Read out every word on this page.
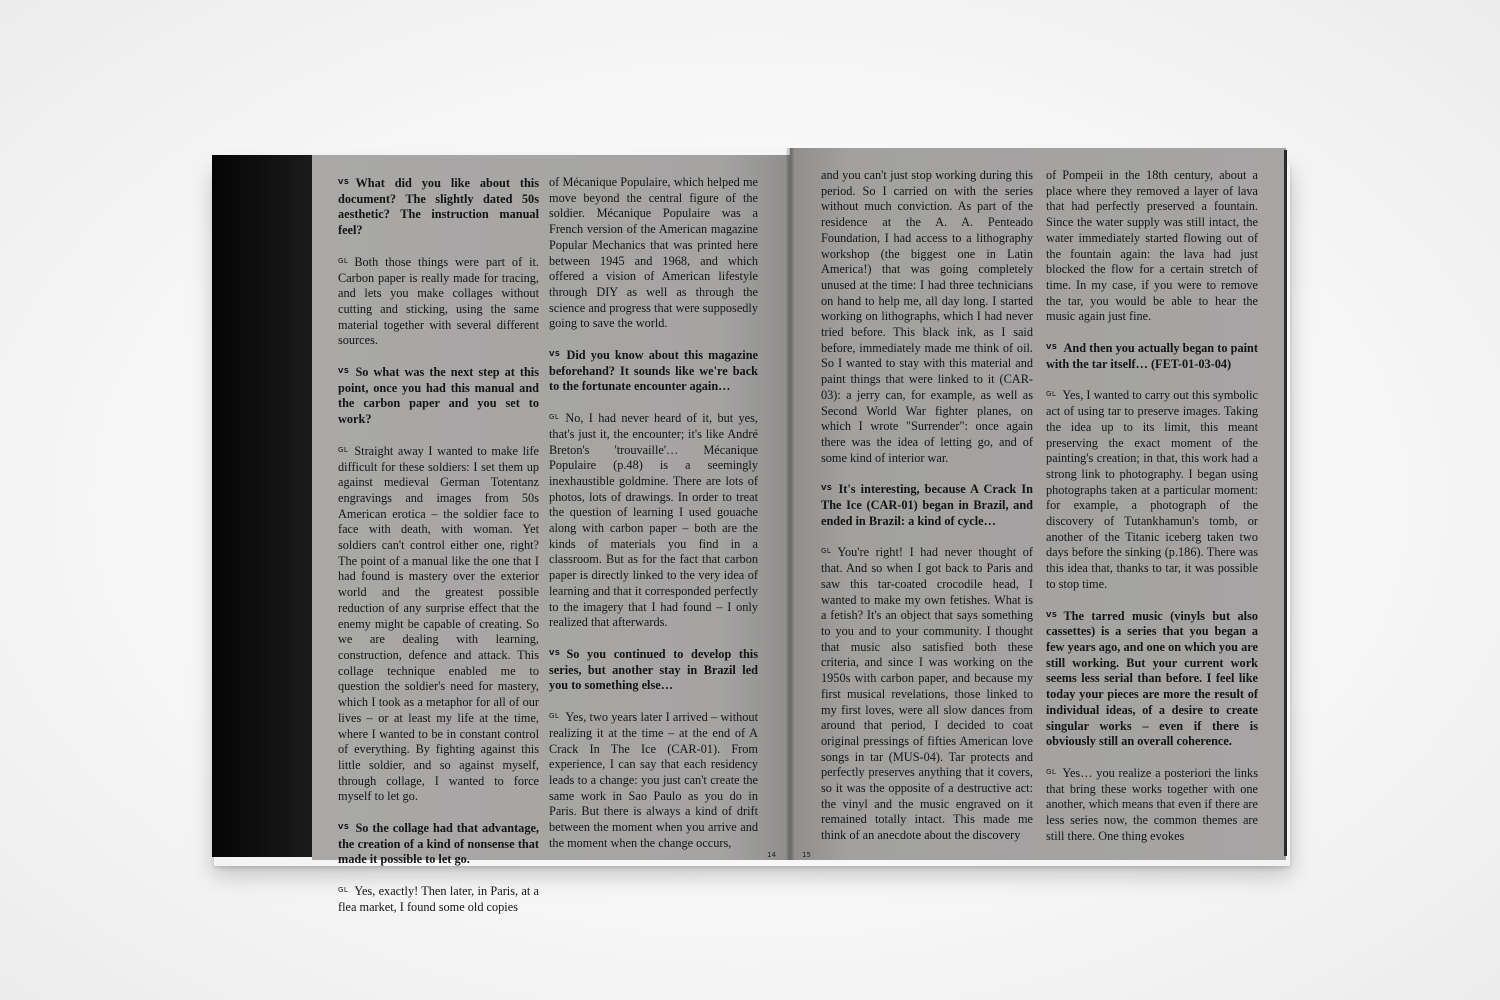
$^{VS}$ What did you like about this document? The slightly dated 50s aesthetic? The instruction manual feel?

$^{GL}$ Both those things were part of it. Carbon paper is really made for tracing, and lets you make collages without cutting and sticking, using the same material together with several different sources.

$^{VS}$ So what was the next step at this point, once you had this manual and the carbon paper and you set to work?

$^{GL}$ Straight away I wanted to make life difficult for these soldiers: I set them up against medieval German Totentanz engravings and images from 50s American erotica – the soldier face to face with death, with woman. Yet soldiers can't control either one, right? The point of a manual like the one that I had found is mastery over the exterior world and the greatest possible reduction of any surprise effect that the enemy might be capable of creating. So we are dealing with learning, construction, defence and attack. This collage technique enabled me to question the soldier's need for mastery, which I took as a metaphor for all of our lives – or at least my life at the time, where I wanted to be in constant control of everything. By fighting against this little soldier, and so against myself, through collage, I wanted to force myself to let go.

$^{VS}$ So the collage had that advantage, the creation of a kind of nonsense that made it possible to let go.

$^{GL}$ Yes, exactly! Then later, in Paris, at a flea market, I found some old copies

of Mécanique Populaire, which helped me move beyond the central figure of the soldier. Mécanique Populaire was a French version of the American magazine Popular Mechanics that was printed here between 1945 and 1968, and which offered a vision of American lifestyle through DIY as well as through the science and progress that were supposedly going to save the world.

$^{VS}$ Did you know about this magazine beforehand? It sounds like we're back to the fortunate encounter again…

$^{GL}$ No, I had never heard of it, but yes, that's just it, the encounter; it's like André Breton's 'trouvaille'… Mécanique Populaire (p.48) is a seemingly inexhaustible goldmine. There are lots of photos, lots of drawings. In order to treat the question of learning I used gouache along with carbon paper – both are the kinds of materials you find in a classroom. But as for the fact that carbon paper is directly linked to the very idea of learning and that it corresponded perfectly to the imagery that I had found – I only realized that afterwards.

$^{VS}$ So you continued to develop this series, but another stay in Brazil led you to something else…

$^{GL}$ Yes, two years later I arrived – without realizing it at the time – at the end of A Crack In The Ice (CAR-01). From experience, I can say that each residency leads to a change: you just can't create the same work in Sao Paulo as you do in Paris. But there is always a kind of drift between the moment when you arrive and the moment when the change occurs,

14

and you can't just stop working during this period. So I carried on with the series without much conviction. As part of the residence at the A. A. Penteado Foundation, I had access to a lithography workshop (the biggest one in Latin America!) that was going completely unused at the time: I had three technicians on hand to help me, all day long. I started working on lithographs, which I had never tried before. This black ink, as I said before, immediately made me think of oil. So I wanted to stay with this material and paint things that were linked to it (CAR-03): a jerry can, for example, as well as Second World War fighter planes, on which I wrote "Surrender": once again there was the idea of letting go, and of some kind of interior war.

$^{VS}$ It's interesting, because A Crack In The Ice (CAR-01) began in Brazil, and ended in Brazil: a kind of cycle…

$^{GL}$ You're right! I had never thought of that. And so when I got back to Paris and saw this tar-coated crocodile head, I wanted to make my own fetishes. What is a fetish? It's an object that says something to you and to your community. I thought that music also satisfied both these criteria, and since I was working on the 1950s with carbon paper, and because my first musical revelations, those linked to my first loves, were all slow dances from around that period, I decided to coat original pressings of fifties American love songs in tar (MUS-04). Tar protects and perfectly preserves anything that it covers, so it was the opposite of a destructive act: the vinyl and the music engraved on it remained totally intact. This made me think of an anecdote about the discovery

of Pompeii in the 18th century, about a place where they removed a layer of lava that had perfectly preserved a fountain. Since the water supply was still intact, the water immediately started flowing out of the fountain again: the lava had just blocked the flow for a certain stretch of time. In my case, if you were to remove the tar, you would be able to hear the music again just fine.

$^{VS}$ And then you actually began to paint with the tar itself… (FET-01-03-04)

$^{GL}$ Yes, I wanted to carry out this symbolic act of using tar to preserve images. Taking the idea up to its limit, this meant preserving the exact moment of the painting's creation; in that, this work had a strong link to photography. I began using photographs taken at a particular moment: for example, a photograph of the discovery of Tutankhamun's tomb, or another of the Titanic iceberg taken two days before the sinking (p.186). There was this idea that, thanks to tar, it was possible to stop time.

$^{VS}$ The tarred music (vinyls but also cassettes) is a series that you began a few years ago, and one on which you are still working. But your current work seems less serial than before. I feel like today your pieces are more the result of individual ideas, of a desire to create singular works – even if there is obviously still an overall coherence.

$^{GL}$ Yes… you realize a posteriori the links that bring these works together with one another, which means that even if there are less series now, the common themes are still there. One thing evokes

15
